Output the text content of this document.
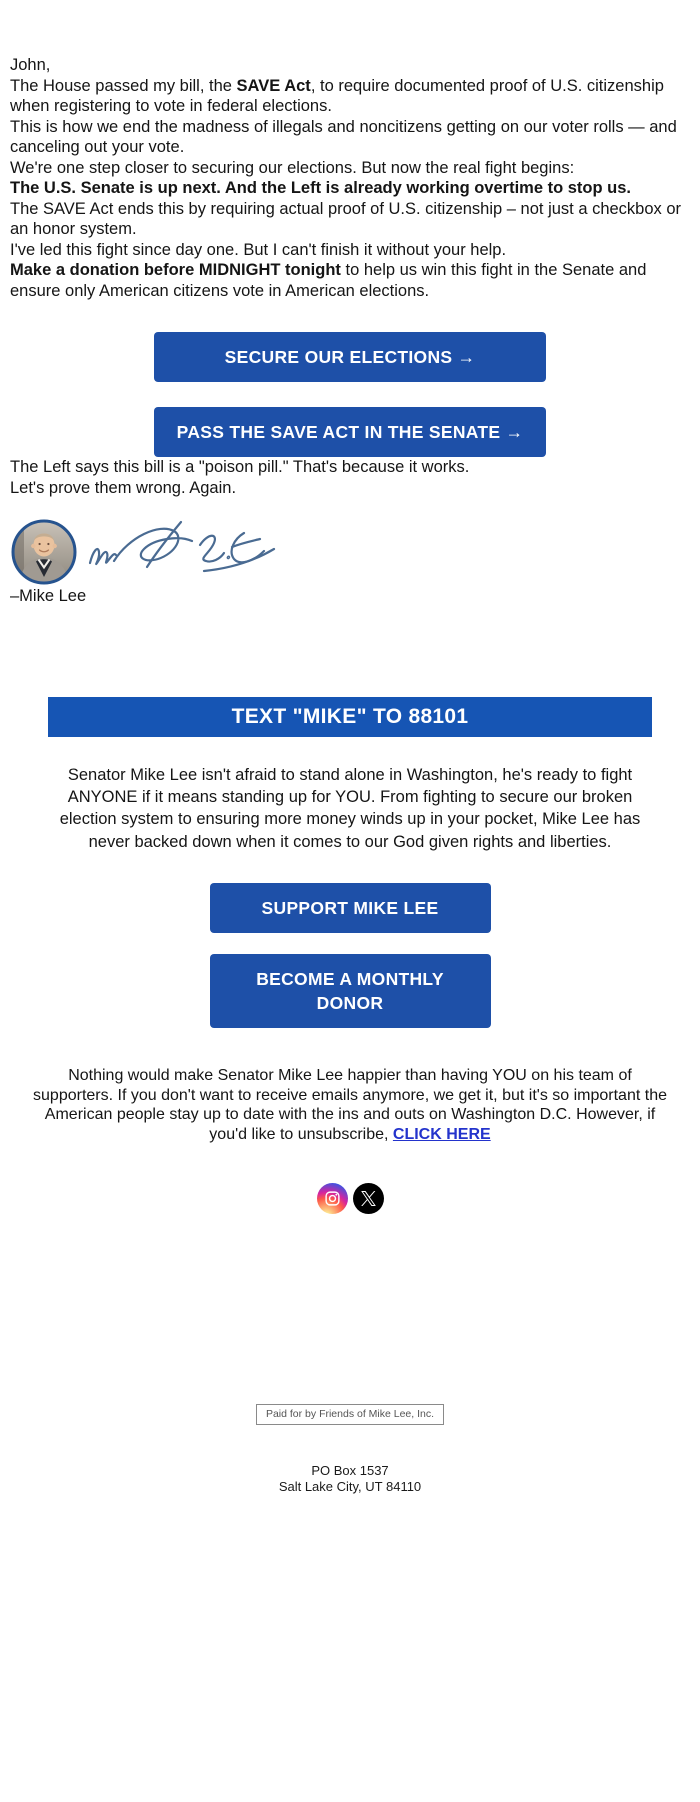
John,

The House passed my bill, the SAVE Act, to require documented proof of U.S. citizenship when registering to vote in federal elections.

This is how we end the madness of illegals and noncitizens getting on our voter rolls — and canceling out your vote.

We're one step closer to securing our elections. But now the real fight begins:

The U.S. Senate is up next. And the Left is already working overtime to stop us.

The SAVE Act ends this by requiring actual proof of U.S. citizenship – not just a checkbox or an honor system.

I've led this fight since day one. But I can't finish it without your help.

Make a donation before MIDNIGHT tonight to help us win this fight in the Senate and ensure only American citizens vote in American elections.

SECURE OUR ELECTIONS →
PASS THE SAVE ACT IN THE SENATE →

The Left says this bill is a "poison pill." That's because it works.

Let's prove them wrong. Again.

–Mike Lee

TEXT "MIKE" TO 88101

Senator Mike Lee isn't afraid to stand alone in Washington, he's ready to fight ANYONE if it means standing up for YOU. From fighting to secure our broken election system to ensuring more money winds up in your pocket, Mike Lee has never backed down when it comes to our God given rights and liberties.

SUPPORT MIKE LEE
BECOME A MONTHLY DONOR

Nothing would make Senator Mike Lee happier than having YOU on his team of supporters. If you don't want to receive emails anymore, we get it, but it's so important the American people stay up to date with the ins and outs on Washington D.C. However, if you'd like to unsubscribe, CLICK HERE

Paid for by Friends of Mike Lee, Inc.
PO Box 1537
Salt Lake City, UT 84110
